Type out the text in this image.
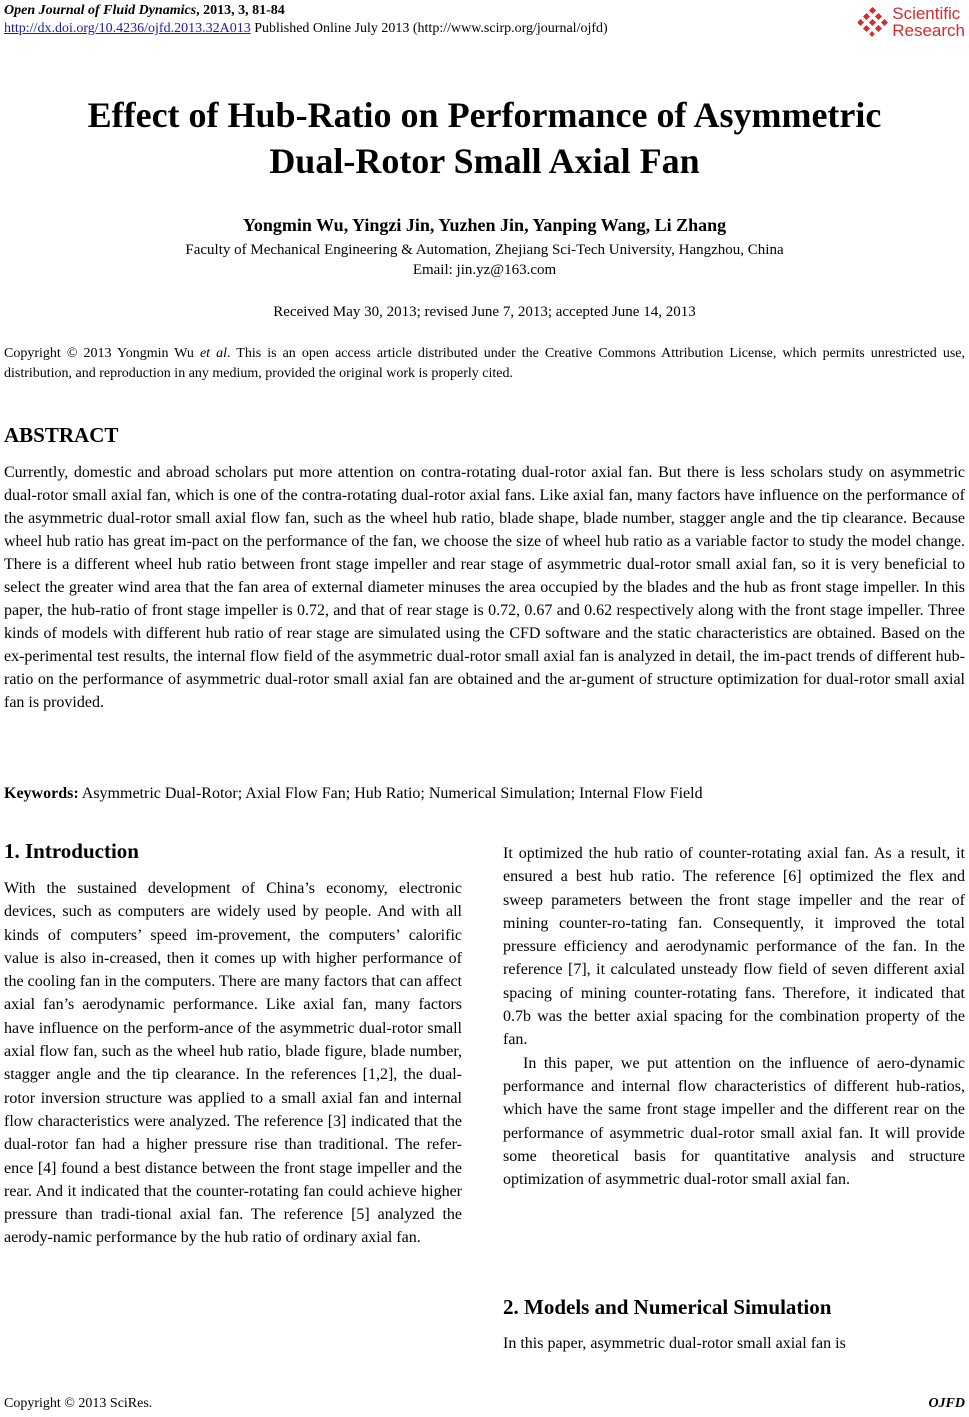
Open Journal of Fluid Dynamics, 2013, 3, 81-84
http://dx.doi.org/10.4236/ojfd.2013.32A013 Published Online July 2013 (http://www.scirp.org/journal/ojfd)
Scientific
Research
Effect of Hub-Ratio on Performance of Asymmetric
Dual-Rotor Small Axial Fan
Yongmin Wu, Yingzi Jin, Yuzhen Jin, Yanping Wang, Li Zhang
Faculty of Mechanical Engineering & Automation, Zhejiang Sci-Tech University, Hangzhou, China
Email: jin.yz@163.com
Received May 30, 2013; revised June 7, 2013; accepted June 14, 2013
Copyright © 2013 Yongmin Wu et al. This is an open access article distributed under the Creative Commons Attribution License, which permits unrestricted use, distribution, and reproduction in any medium, provided the original work is properly cited.
ABSTRACT
Currently, domestic and abroad scholars put more attention on contra-rotating dual-rotor axial fan. But there is less scholars study on asymmetric dual-rotor small axial fan, which is one of the contra-rotating dual-rotor axial fans. Like axial fan, many factors have influence on the performance of the asymmetric dual-rotor small axial flow fan, such as the wheel hub ratio, blade shape, blade number, stagger angle and the tip clearance. Because wheel hub ratio has great im-pact on the performance of the fan, we choose the size of wheel hub ratio as a variable factor to study the model change. There is a different wheel hub ratio between front stage impeller and rear stage of asymmetric dual-rotor small axial fan, so it is very beneficial to select the greater wind area that the fan area of external diameter minuses the area occupied by the blades and the hub as front stage impeller. In this paper, the hub-ratio of front stage impeller is 0.72, and that of rear stage is 0.72, 0.67 and 0.62 respectively along with the front stage impeller. Three kinds of models with different hub ratio of rear stage are simulated using the CFD software and the static characteristics are obtained. Based on the ex-perimental test results, the internal flow field of the asymmetric dual-rotor small axial fan is analyzed in detail, the im-pact trends of different hub-ratio on the performance of asymmetric dual-rotor small axial fan are obtained and the ar-gument of structure optimization for dual-rotor small axial fan is provided.
Keywords: Asymmetric Dual-Rotor; Axial Flow Fan; Hub Ratio; Numerical Simulation; Internal Flow Field
1. Introduction
With the sustained development of China’s economy, electronic devices, such as computers are widely used by people. And with all kinds of computers’ speed im-provement, the computers’ calorific value is also in-creased, then it comes up with higher performance of the cooling fan in the computers. There are many factors that can affect axial fan’s aerodynamic performance. Like axial fan, many factors have influence on the perform-ance of the asymmetric dual-rotor small axial flow fan, such as the wheel hub ratio, blade figure, blade number, stagger angle and the tip clearance. In the references [1,2], the dual-rotor inversion structure was applied to a small axial fan and internal flow characteristics were analyzed. The reference [3] indicated that the dual-rotor fan had a higher pressure rise than traditional. The refer-ence [4] found a best distance between the front stage impeller and the rear. And it indicated that the counter-rotating fan could achieve higher pressure than tradi-tional axial fan. The reference [5] analyzed the aerody-namic performance by the hub ratio of ordinary axial fan.
It optimized the hub ratio of counter-rotating axial fan. As a result, it ensured a best hub ratio. The reference [6] optimized the flex and sweep parameters between the front stage impeller and the rear of mining counter-ro-tating fan. Consequently, it improved the total pressure efficiency and aerodynamic performance of the fan. In the reference [7], it calculated unsteady flow field of seven different axial spacing of mining counter-rotating fans. Therefore, it indicated that 0.7b was the better axial spacing for the combination property of the fan.
In this paper, we put attention on the influence of aero-dynamic performance and internal flow characteristics of different hub-ratios, which have the same front stage impeller and the different rear on the performance of asymmetric dual-rotor small axial fan. It will provide some theoretical basis for quantitative analysis and structure optimization of asymmetric dual-rotor small axial fan.
2. Models and Numerical Simulation
In this paper, asymmetric dual-rotor small axial fan is
Copyright © 2013 SciRes.	OJFD
